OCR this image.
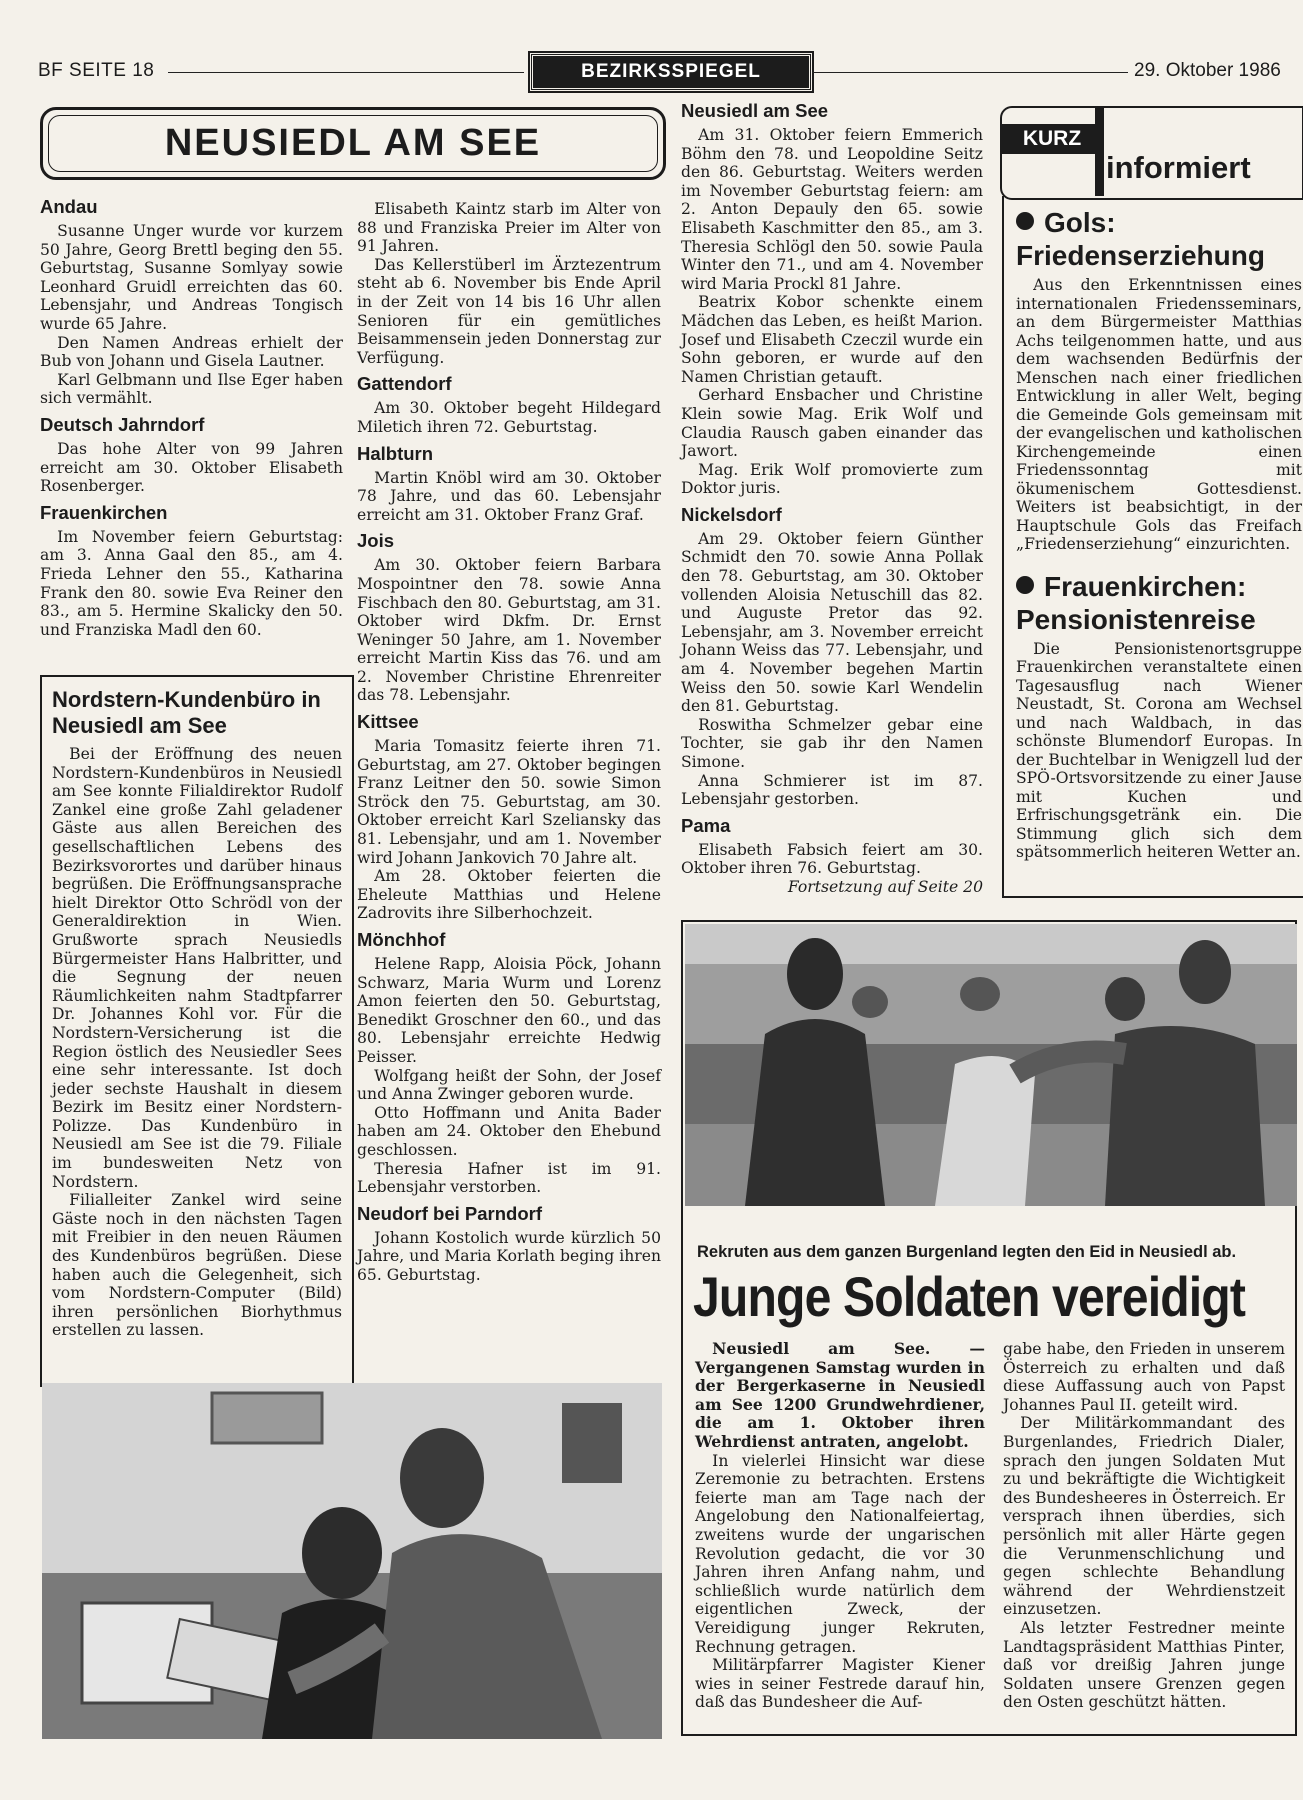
BF SEITE 18	BEZIRKSSPIEGEL	29. Oktober 1986
NEUSIEDL AM SEE
Andau

Susanne Unger wurde vor kurzem 50 Jahre, Georg Brettl beging den 55. Geburtstag, Susanne Somlyay sowie Leonhard Gruidl erreichten das 60. Lebensjahr, und Andreas Tongisch wurde 65 Jahre.

Den Namen Andreas erhielt der Bub von Johann und Gisela Lautner.

Karl Gelbmann und Ilse Eger haben sich vermählt.

Deutsch Jahrndorf

Das hohe Alter von 99 Jahren erreicht am 30. Oktober Elisabeth Rosenberger.

Frauenkirchen

Im November feiern Geburtstag: am 3. Anna Gaal den 85., am 4. Frieda Lehner den 55., Katharina Frank den 80. sowie Eva Reiner den 83., am 5. Hermine Skalicky den 50. und Franziska Madl den 60.

Nordstern-Kundenbüro in Neusiedl am See

Bei der Eröffnung des neuen Nordstern-Kundenbüros in Neusiedl am See konnte Filialdirektor Rudolf Zankel eine große Zahl geladener Gäste aus allen Bereichen des gesellschaftlichen Lebens des Bezirksvorortes und darüber hinaus begrüßen. Die Eröffnungsansprache hielt Direktor Otto Schrödl von der Generaldirektion in Wien. Grußworte sprach Neusiedls Bürgermeister Hans Halbritter, und die Segnung der neuen Räumlichkeiten nahm Stadtpfarrer Dr. Johannes Kohl vor. Für die Nordstern-Versicherung ist die Region östlich des Neusiedler Sees eine sehr interessante. Ist doch jeder sechste Haushalt in diesem Bezirk im Besitz einer Nordstern-Polizze. Das Kundenbüro in Neusiedl am See ist die 79. Filiale im bundesweiten Netz von Nordstern.

Filialleiter Zankel wird seine Gäste noch in den nächsten Tagen mit Freibier in den neuen Räumen des Kundenbüros begrüßen. Diese haben auch die Gelegenheit, sich vom Nordstern-Computer (Bild) ihren persönlichen Biorhythmus erstellen zu lassen.

Elisabeth Kaintz starb im Alter von 88 und Franziska Preier im Alter von 91 Jahren.

Das Kellerstüberl im Ärztezentrum steht ab 6. November bis Ende April in der Zeit von 14 bis 16 Uhr allen Senioren für ein gemütliches Beisammensein jeden Donnerstag zur Verfügung.

Gattendorf

Am 30. Oktober begeht Hildegard Miletich ihren 72. Geburtstag.

Halbturn

Martin Knöbl wird am 30. Oktober 78 Jahre, und das 60. Lebensjahr erreicht am 31. Oktober Franz Graf.

Jois

Am 30. Oktober feiern Barbara Mospointner den 78. sowie Anna Fischbach den 80. Geburtstag, am 31. Oktober wird Dkfm. Dr. Ernst Weninger 50 Jahre, am 1. November erreicht Martin Kiss das 76. und am 2. November Christine Ehrenreiter das 78. Lebensjahr.

Kittsee

Maria Tomasitz feierte ihren 71. Geburtstag, am 27. Oktober begingen Franz Leitner den 50. sowie Simon Ströck den 75. Geburtstag, am 30. Oktober erreicht Karl Szeliansky das 81. Lebensjahr, und am 1. November wird Johann Jankovich 70 Jahre alt.

Am 28. Oktober feierten die Eheleute Matthias und Helene Zadrovits ihre Silberhochzeit.

Mönchhof

Helene Rapp, Aloisia Pöck, Johann Schwarz, Maria Wurm und Lorenz Amon feierten den 50. Geburtstag, Benedikt Groschner den 60., und das 80. Lebensjahr erreichte Hedwig Peisser.

Wolfgang heißt der Sohn, der Josef und Anna Zwinger geboren wurde.

Otto Hoffmann und Anita Bader haben am 24. Oktober den Ehebund geschlossen.

Theresia Hafner ist im 91. Lebensjahr verstorben.

Neudorf bei Parndorf

Johann Kostolich wurde kürzlich 50 Jahre, und Maria Korlath beging ihren 65. Geburtstag.

Neusiedl am See

Am 31. Oktober feiern Emmerich Böhm den 78. und Leopoldine Seitz den 86. Geburtstag. Weiters werden im November Geburtstag feiern: am 2. Anton Depauly den 65. sowie Elisabeth Kaschmitter den 85., am 3. Theresia Schlögl den 50. sowie Paula Winter den 71., und am 4. November wird Maria Prockl 81 Jahre.

Beatrix Kobor schenkte einem Mädchen das Leben, es heißt Marion. Josef und Elisabeth Czeczil wurde ein Sohn geboren, er wurde auf den Namen Christian getauft.

Gerhard Ensbacher und Christine Klein sowie Mag. Erik Wolf und Claudia Rausch gaben einander das Jawort.

Mag. Erik Wolf promovierte zum Doktor juris.

Nickelsdorf

Am 29. Oktober feiern Günther Schmidt den 70. sowie Anna Pollak den 78. Geburtstag, am 30. Oktober vollenden Aloisia Netuschill das 82. und Auguste Pretor das 92. Lebensjahr, am 3. November erreicht Johann Weiss das 77. Lebensjahr, und am 4. November begehen Martin Weiss den 50. sowie Karl Wendelin den 81. Geburtstag.

Roswitha Schmelzer gebar eine Tochter, sie gab ihr den Namen Simone.

Anna Schmierer ist im 87. Lebensjahr gestorben.

Pama

Elisabeth Fabsich feiert am 30. Oktober ihren 76. Geburtstag.

Fortsetzung auf Seite 20

KURZ
informiert
Gols: Friedenserziehung

Aus den Erkenntnissen eines internationalen Friedensseminars, an dem Bürgermeister Matthias Achs teilgenommen hatte, und aus dem wachsenden Bedürfnis der Menschen nach einer friedlichen Entwicklung in aller Welt, beging die Gemeinde Gols gemeinsam mit der evangelischen und katholischen Kirchengemeinde einen Friedenssonntag mit ökumenischem Gottesdienst. Weiters ist beabsichtigt, in der Hauptschule Gols das Freifach „Friedenserziehung“ einzurichten.

Frauenkirchen: Pensionistenreise

Die Pensionistenortsgruppe Frauenkirchen veranstaltete einen Tagesausflug nach Wiener Neustadt, St. Corona am Wechsel und nach Waldbach, in das schönste Blumendorf Europas. In der Buchtelbar in Wenigzell lud der SPÖ-Ortsvorsitzende zu einer Jause mit Kuchen und Erfrischungsgetränk ein. Die Stimmung glich sich dem spätsommerlich heiteren Wetter an.

Rekruten aus dem ganzen Burgenland legten den Eid in Neusiedl ab.
Junge Soldaten vereidigt

Neusiedl am See. — Vergangenen Samstag wurden in der Bergerkaserne in Neusiedl am See 1200 Grundwehrdiener, die am 1. Oktober ihren Wehrdienst antraten, angelobt.

In vielerlei Hinsicht war diese Zeremonie zu betrachten. Erstens feierte man am Tage nach der Angelobung den Nationalfeiertag, zweitens wurde der ungarischen Revolution gedacht, die vor 30 Jahren ihren Anfang nahm, und schließlich wurde natürlich dem eigentlichen Zweck, der Vereidigung junger Rekruten, Rechnung getragen.

Militärpfarrer Magister Kiener wies in seiner Festrede darauf hin, daß das Bundesheer die Auf-

gabe habe, den Frieden in unserem Österreich zu erhalten und daß diese Auffassung auch von Papst Johannes Paul II. geteilt wird.

Der Militärkommandant des Burgenlandes, Friedrich Dialer, sprach den jungen Soldaten Mut zu und bekräftigte die Wichtigkeit des Bundesheeres in Österreich. Er versprach ihnen überdies, sich persönlich mit aller Härte gegen die Verunmenschlichung und gegen schlechte Behandlung während der Wehrdienstzeit einzusetzen.

Als letzter Festredner meinte Landtagspräsident Matthias Pinter, daß vor dreißig Jahren junge Soldaten unsere Grenzen gegen den Osten geschützt hätten.
